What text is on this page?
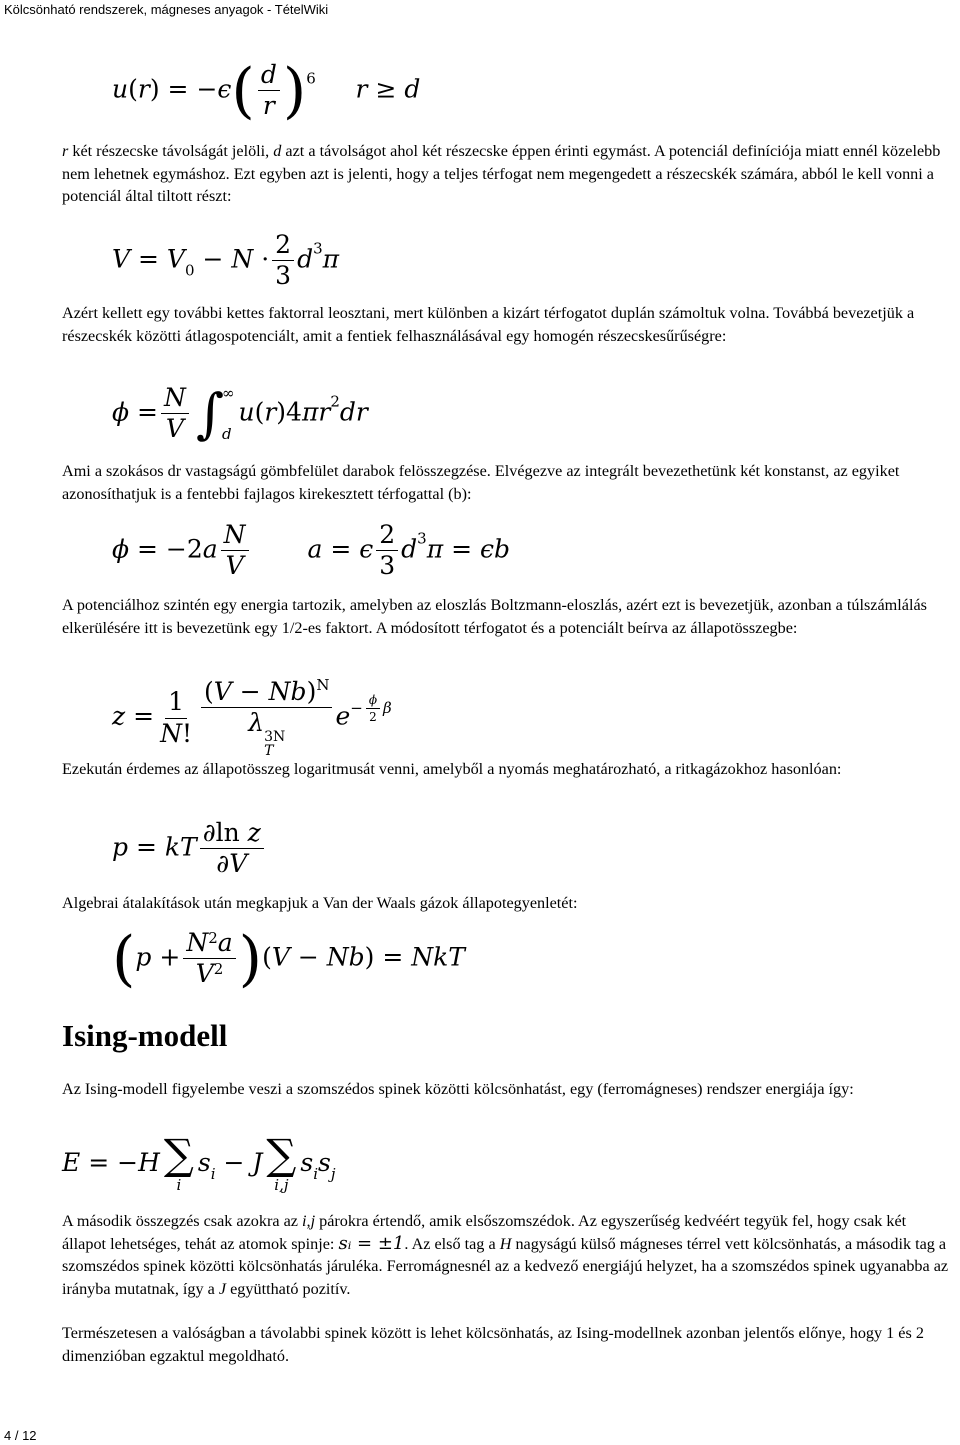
Kölcsönható rendszerek, mágneses anyagok - TételWiki
$u(r) = -\epsilon( \frac{d}{r} )^6$     r ≥ d

r két részecske távolságát jelöli, d azt a távolságot ahol két részecske éppen érinti egymást. A potenciál definíciója miatt ennél közelebb nem lehetnek egymáshoz. Ezt egyben azt is jelenti, hogy a teljes térfogat nem megengedett a részecskék számára, abból le kell vonni a potenciál által tiltott részt:

$V = V_0 - N \cdot \frac{2}{3} d^3\pi$

Azért kellett egy további kettes faktorral leosztani, mert különben a kizárt térfogatot duplán számoltuk volna. Továbbá bevezetjük a részecskék közötti átlagospotenciált, amit a fentiek felhasználásával egy homogén részecskesűrűségre:

$\phi = \frac{N}{V}$ ∫
∞
d
$u(r)4\pi r^2dr$

Ami a szokásos dr vastagságú gömbfelület darabok felösszegzése. Elvégezve az integrált bevezethetünk két konstanst, az egyiket azonosíthatjuk is a fentebbi fajlagos kirekesztett térfogattal (b):

$\phi = -2a \frac{N}{V}$ a = ϵ $\frac{2}{3} d^3\pi = \epsilon b$

A potenciálhoz szintén egy energia tartozik, amelyben az eloszlás Boltzmann-eloszlás, azért ezt is bevezetjük, azonban a túlszámlálás elkerülésére itt is bevezetünk egy 1/2-es faktort. A módosított térfogatot és a potenciált beírva az állapotösszegbe:

$z = \frac{1}{N!} (V - Nb)^N$
λ 3N
T $e^{- \frac{\phi}{2} \beta}$

Ezekután érdemes az állapotösszeg logaritmusát venni, amelyből a nyomás meghatározható, a ritkagázokhoz hasonlóan:

p = kT $\frac{\text{∂ln z}}{\partial V}$

Algebrai átalakítások után megkapjuk a Van der Waals gázok állapotegyenletét:

$(p + \frac{N^2a}{V^2} )(V - Nb)$ = NkT
Ising-modell

Az Ising-modell figyelembe veszi a szomszédos spinek közötti kölcsönhatást, egy (ferromágneses) rendszer energiája így:

E = −H ∑
i
$s_i - J$ ∑
i,j
$s_is_j$

A második összegzés csak azokra az i,j párokra értendő, amik elsőszomszédok. Az egyszerűség kedvéért tegyük fel, hogy csak két állapot lehetséges, tehát az atomok spinje: sᵢ = ±1. Az első tag a H nagyságú külső mágneses térrel vett kölcsönhatás, a második tag a szomszédos spinek közötti kölcsönhatás járuléka. Ferromágnesnél az a kedvező energiájú helyzet, ha a szomszédos spinek ugyanabba az irányba mutatnak, így a J együttható pozitív.

Természetesen a valóságban a távolabbi spinek között is lehet kölcsönhatás, az Ising-modellnek azonban jelentős előnye, hogy 1 és 2 dimenzióban egzaktul megoldható.

4 / 12
